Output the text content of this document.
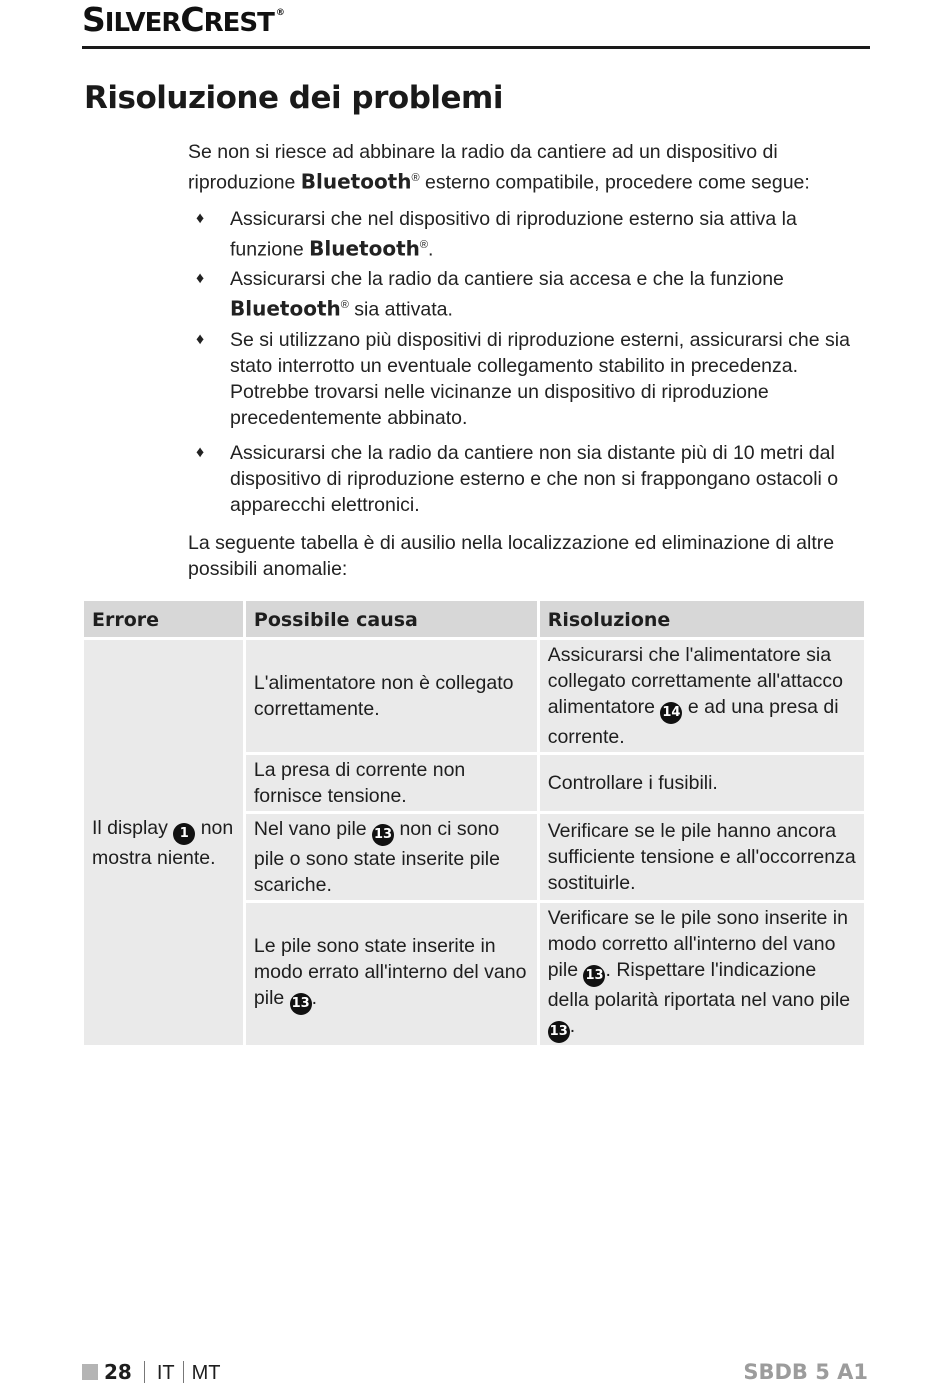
SILVERCREST ®
Risoluzione dei problemi

Se non si riesce ad abbinare la radio da cantiere ad un dispositivo di riproduzione Bluetooth® esterno compatibile, procedere come segue:

♦ Assicurarsi che nel dispositivo di riproduzione esterno sia attiva la funzione Bluetooth®.
♦ Assicurarsi che la radio da cantiere sia accesa e che la funzione Bluetooth® sia attivata.
♦ Se si utilizzano più dispositivi di riproduzione esterni, assicurarsi che sia stato interrotto un eventuale collegamento stabilito in precedenza. Potrebbe trovarsi nelle vicinanze un dispositivo di riproduzione precedentemente abbinato.
♦ Assicurarsi che la radio da cantiere non sia distante più di 10 metri dal dispositivo di riproduzione esterno e che non si frappongano ostacoli o apparecchi elettronici.

La seguente tabella è di ausilio nella localizzazione ed eliminazione di altre possibili anomalie:

Errore	Possibile causa	Risoluzione
Il display 1 non mostra niente.	L'alimentatore non è collegato correttamente.	Assicurarsi che l'alimentatore sia collegato correttamente all'attacco alimentatore 14 e ad una presa di corrente.
	La presa di corrente non fornisce tensione.	Controllare i fusibili.
	Nel vano pile 13 non ci sono pile o sono state inserite pile scariche.	Verificare se le pile hanno ancora sufficiente tensione e all'occorrenza sostituirle.
	Le pile sono state inserite in modo errato all'interno del vano pile 13 .	Verificare se le pile sono inserite in modo corretto all'interno del vano pile 13 . Rispettare l'indicazione della polarità riportata nel vano pile 13 .
28 IT MT	SBDB 5 A1
